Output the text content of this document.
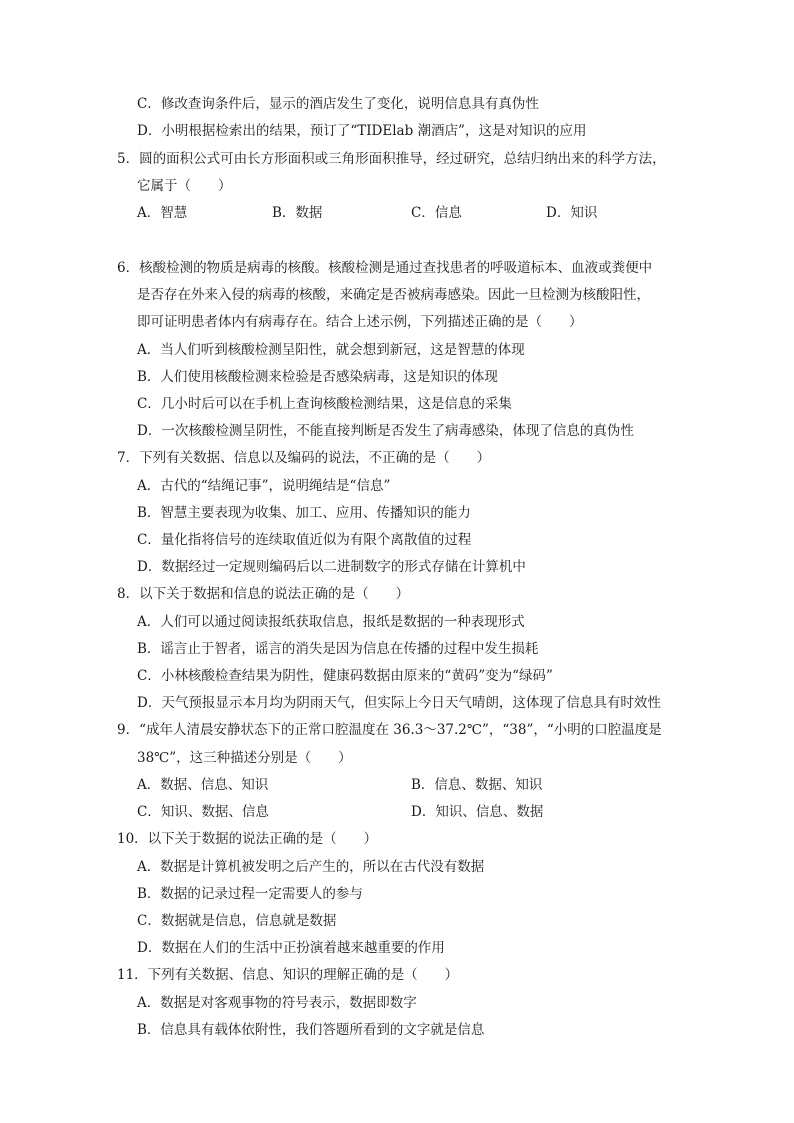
C．修改查询条件后，显示的酒店发生了变化，说明信息具有真伪性
D．小明根据检索出的结果，预订了“TIDElab 潮酒店”，这是对知识的应用
5．圆的面积公式可由长方形面积或三角形面积推导，经过研究，总结归纳出来的科学方法，
它属于（　　）
A．智慧	B．数据	C．信息	D．知识
6．核酸检测的物质是病毒的核酸。核酸检测是通过查找患者的呼吸道标本、血液或粪便中
是否存在外来入侵的病毒的核酸，来确定是否被病毒感染。因此一旦检测为核酸阳性，
即可证明患者体内有病毒存在。结合上述示例，下列描述正确的是（　　）
A．当人们听到核酸检测呈阳性，就会想到新冠，这是智慧的体现
B．人们使用核酸检测来检验是否感染病毒，这是知识的体现
C．几小时后可以在手机上查询核酸检测结果，这是信息的采集
D．一次核酸检测呈阴性，不能直接判断是否发生了病毒感染，体现了信息的真伪性
7．下列有关数据、信息以及编码的说法，不正确的是（　　）
A．古代的“结绳记事”，说明绳结是“信息”
B．智慧主要表现为收集、加工、应用、传播知识的能力
C．量化指将信号的连续取值近似为有限个离散值的过程
D．数据经过一定规则编码后以二进制数字的形式存储在计算机中
8．以下关于数据和信息的说法正确的是（　　）
A．人们可以通过阅读报纸获取信息，报纸是数据的一种表现形式
B．谣言止于智者，谣言的消失是因为信息在传播的过程中发生损耗
C．小林核酸检查结果为阴性，健康码数据由原来的“黄码”变为“绿码”
D．天气预报显示本月均为阴雨天气，但实际上今日天气晴朗，这体现了信息具有时效性
9．“成年人清晨安静状态下的正常口腔温度在 36.3～37.2℃”，“38”，“小明的口腔温度是
38℃”，这三种描述分别是（　　）
A．数据、信息、知识	B．信息、数据、知识
C．知识、数据、信息	D．知识、信息、数据
10．以下关于数据的说法正确的是（　　）
A．数据是计算机被发明之后产生的，所以在古代没有数据
B．数据的记录过程一定需要人的参与
C．数据就是信息，信息就是数据
D．数据在人们的生活中正扮演着越来越重要的作用
11．下列有关数据、信息、知识的理解正确的是（　　）
A．数据是对客观事物的符号表示，数据即数字
B．信息具有载体依附性，我们答题所看到的文字就是信息
